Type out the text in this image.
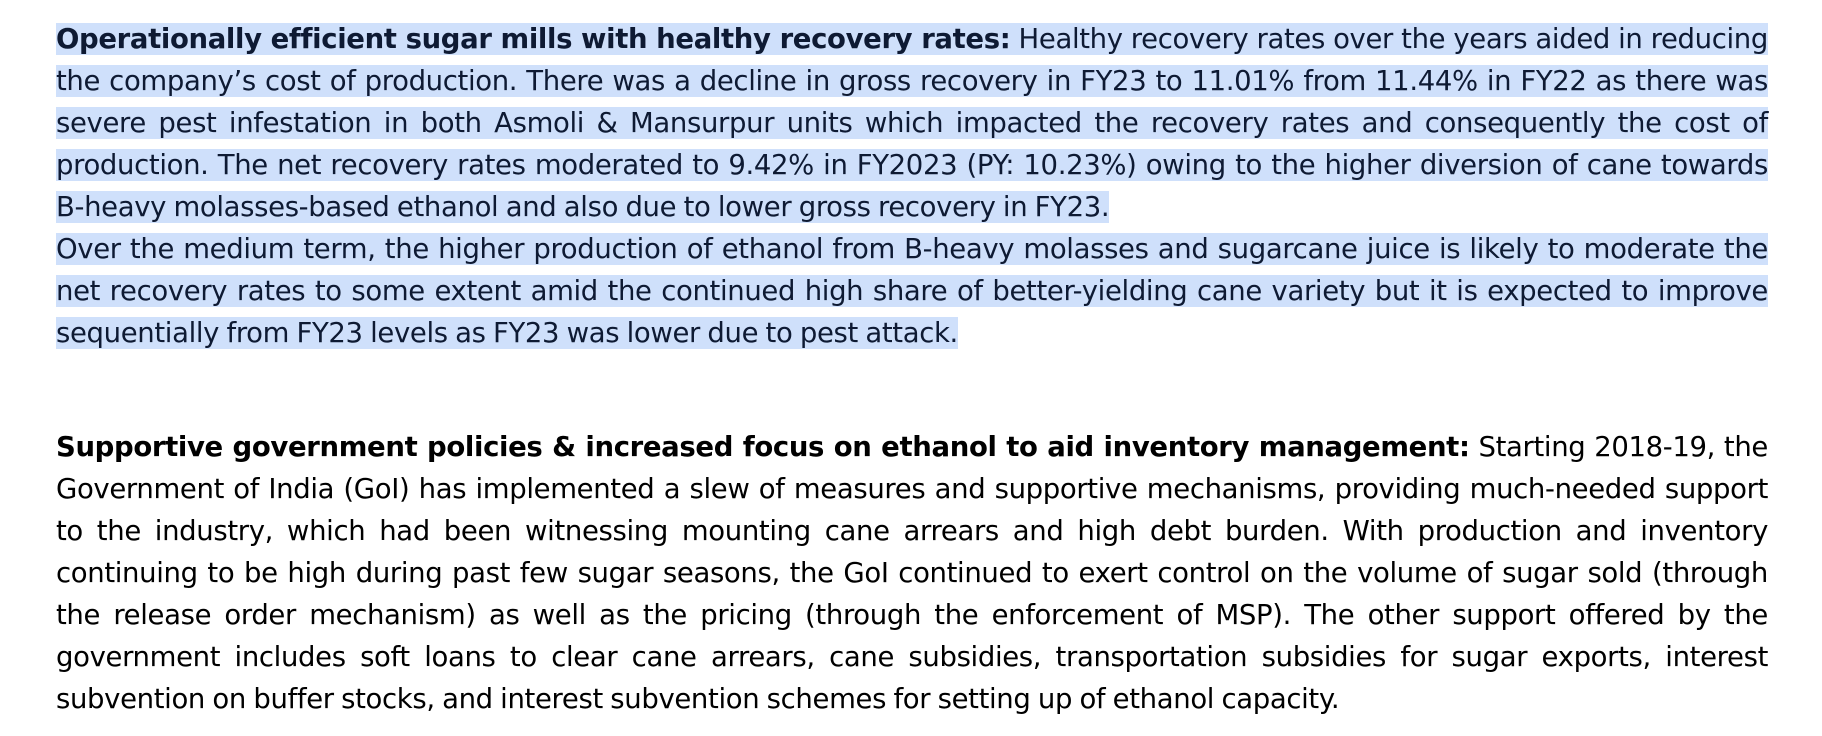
Operationally efficient sugar mills with healthy recovery rates: Healthy recovery rates over the years aided in reducing the company’s cost of production. There was a decline in gross recovery in FY23 to 11.01% from 11.44% in FY22 as there was severe pest infestation in both Asmoli & Mansurpur units which impacted the recovery rates and consequently the cost of production. The net recovery rates moderated to 9.42% in FY2023 (PY: 10.23%) owing to the higher diversion of cane towards B-heavy molasses-based ethanol and also due to lower gross recovery in FY23.

Over the medium term, the higher production of ethanol from B-heavy molasses and sugarcane juice is likely to moderate the net recovery rates to some extent amid the continued high share of better-yielding cane variety but it is expected to improve sequentially from FY23 levels as FY23 was lower due to pest attack.

Supportive government policies & increased focus on ethanol to aid inventory management: Starting 2018-19, the Government of India (GoI) has implemented a slew of measures and supportive mechanisms, providing much-needed support to the industry, which had been witnessing mounting cane arrears and high debt burden. With production and inventory continuing to be high during past few sugar seasons, the GoI continued to exert control on the volume of sugar sold (through the release order mechanism) as well as the pricing (through the enforcement of MSP). The other support offered by the government includes soft loans to clear cane arrears, cane subsidies, transportation subsidies for sugar exports, interest subvention on buffer stocks, and interest subvention schemes for setting up of ethanol capacity.
